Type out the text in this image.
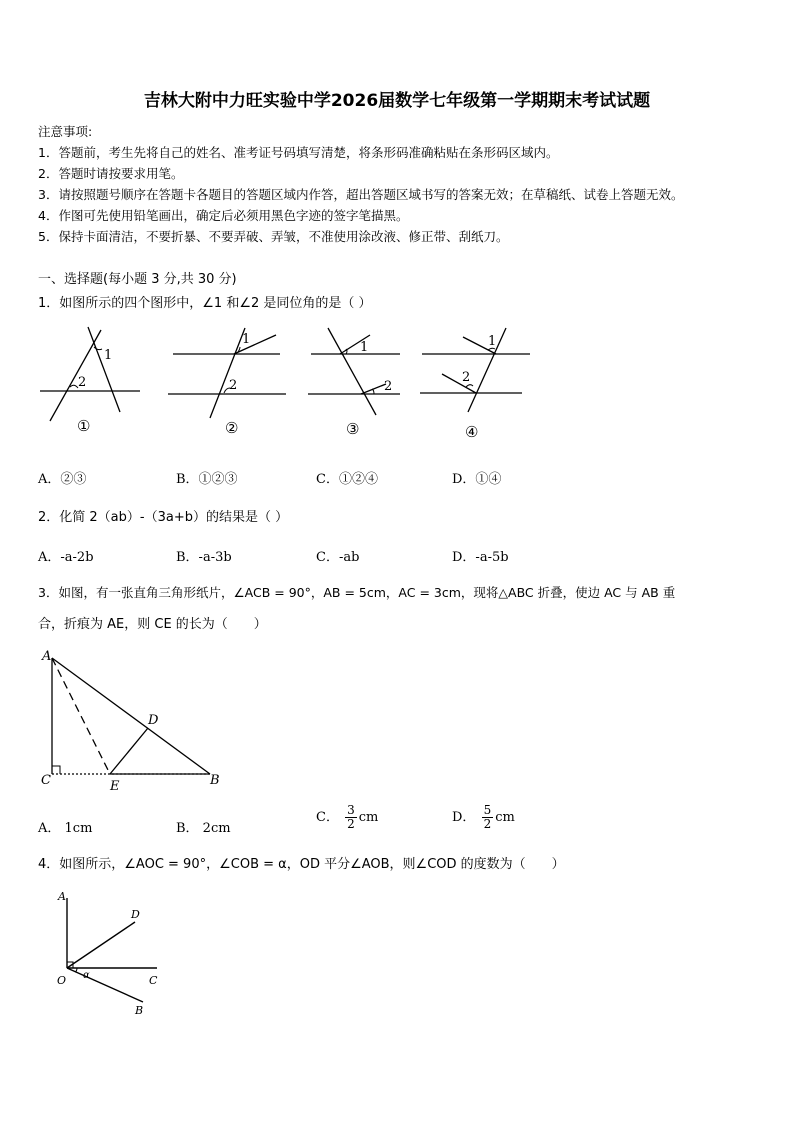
吉林大附中力旺实验中学2026届数学七年级第一学期期末考试试题
注意事项:
1．答题前，考生先将自己的姓名、准考证号码填写清楚，将条形码准确粘贴在条形码区域内。
2．答题时请按要求用笔。
3．请按照题号顺序在答题卡各题目的答题区域内作答，超出答题区域书写的答案无效；在草稿纸、试卷上答题无效。
4．作图可先使用铅笔画出，确定后必须用黑色字迹的签字笔描黑。
5．保持卡面清洁，不要折暴、不要弄破、弄皱，不准使用涂改液、修正带、刮纸刀。
一、选择题(每小题 3 分,共 30 分)
1．如图所示的四个图形中，∠1 和∠2 是同位角的是（ ）
1
2
①
1
2
②
1
2
③
1
2
④
A．②③	B．①②③	C．①②④	D．①④
2．化简 2（ab）-（3a+b）的结果是（ ）
A．-a-2b	B．-a-3b	C．-ab	D．-a-5b
3．如图，有一张直角三角形纸片，∠ACB = 90°，AB = 5cm，AC = 3cm，现将△ABC 折叠，使边 AC 与 AB 重
合，折痕为 AE，则 CE 的长为（　　）
A
C	E	B
D
A． 1cm	B． 2cm
C． $\frac{3}{2}$ cm	D． $\frac{5}{2}$ cm
4．如图所示，∠AOC = 90°，∠COB = α，OD 平分∠AOB，则∠COD 的度数为（　　）
A
D
C
B
O α
